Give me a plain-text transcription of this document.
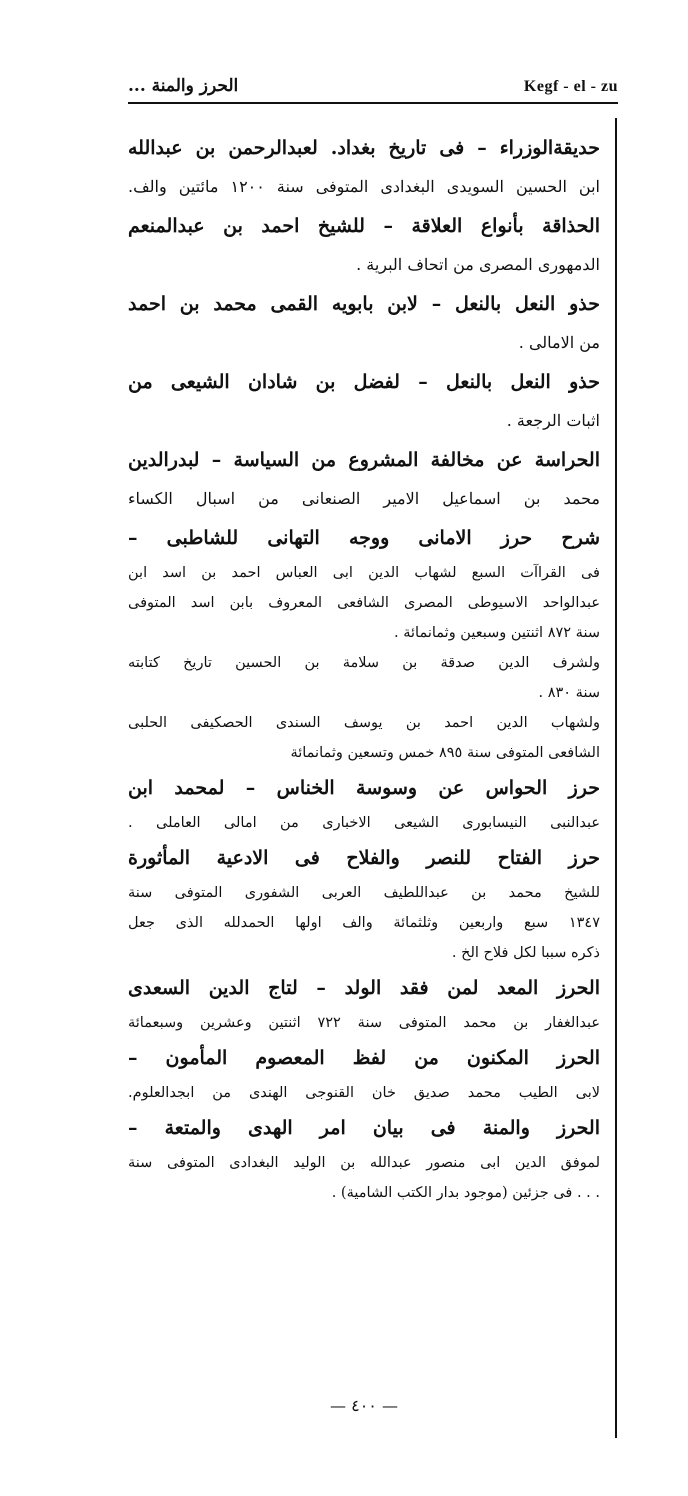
Kegf - el - zu
الحرز والمنة ...
حديقةالوزراء – فى تاريخ بغداد. لعبدالرحمن بن عبدالله
ابن الحسين السويدى البغدادى المتوفى سنة ١٢٠٠ مائتين والف.
الحذاقة بأنواع العلاقة – للشيخ احمد بن عبدالمنعم
الدمهورى المصرى من اتحاف البرية .
حذو النعل بالنعل – لابن بابويه القمى محمد بن احمد
من الامالى .
حذو النعل بالنعل – لفضل بن شادان الشيعى من
اثبات الرجعة .
الحراسة عن مخالفة المشروع من السياسة – لبدرالدين
محمد بن اسماعيل الامير الصنعانى من اسبال الكساء
شرح حرز الامانى ووجه التهانى للشاطبى –
فى القراآت السبع لشهاب الدين ابى العباس احمد بن اسد ابن
عبدالواحد الاسيوطى المصرى الشافعى المعروف بابن اسد المتوفى
سنة ٨٧٢ اثنتين وسبعين وثمانمائة .
ولشرف الدين صدقة بن سلامة بن الحسين تاريخ كتابته
سنة ٨٣٠ .
ولشهاب الدين احمد بن يوسف السندى الحصكيفى الحلبى
الشافعى المتوفى سنة ٨٩٥ خمس وتسعين وثمانمائة
حرز الحواس عن وسوسة الخناس – لمحمد ابن
عبدالنبى النيسابورى الشيعى الاخبارى من امالى العاملى .
حرز الفتاح للنصر والفلاح فى الادعية المأثورة
للشيخ محمد بن عبداللطيف العربى الشفورى المتوفى سنة
١٣٤٧ سبع واربعين وثلثمائة والف اولها الحمدلله الذى جعل
ذكره سببا لكل فلاح الخ .
الحرز المعد لمن فقد الولد – لتاج الدين السعدى
عبدالغفار بن محمد المتوفى سنة ٧٢٢ اثنتين وعشرين وسبعمائة
الحرز المكنون من لفظ المعصوم المأمون –
لابى الطيب محمد صديق خان القنوجى الهندى من ابجدالعلوم.
الحرز والمنة فى بيان امر الهدى والمتعة –
لموفق الدين ابى منصور عبدالله بن الوليد البغدادى المتوفى سنة
. . . فى جزئين (موجود بدار الكتب الشامية) .
— ٤٠٠ —
